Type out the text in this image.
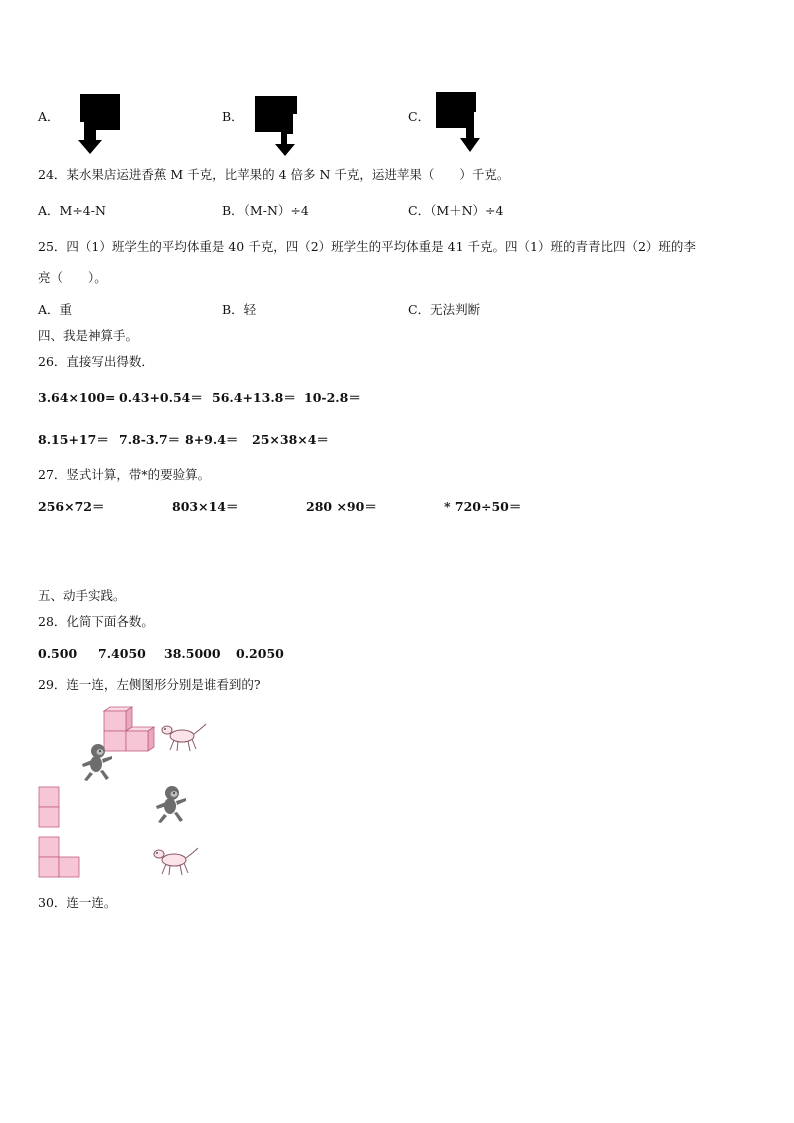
A．	B．	C．
24．某水果店运进香蕉 M 千克，比苹果的 4 倍多 N 千克，运进苹果（　　）千克。
A．M÷4-N	B．（M-N）÷4	C．（M＋N）÷4
25．四（1）班学生的平均体重是 40 千克，四（2）班学生的平均体重是 41 千克。四（1）班的青青比四（2）班的李
亮（　　）。
A．重	B．轻	C．无法判断
四、我是神算手。
26．直接写出得数．
3.64×100= 0.43+0.54＝ 56.4+13.8＝ 10-2.8＝
8.15+17＝ 7.8-3.7＝ 8+9.4＝ 25×38×4＝
27．竖式计算，带*的要验算。
256×72＝	803×14＝	280 ×90＝	* 720÷50＝
五、动手实践。
28．化简下面各数。
0.500 7.4050 38.5000 0.2050
29．连一连，左侧图形分别是谁看到的?
30．连一连。
